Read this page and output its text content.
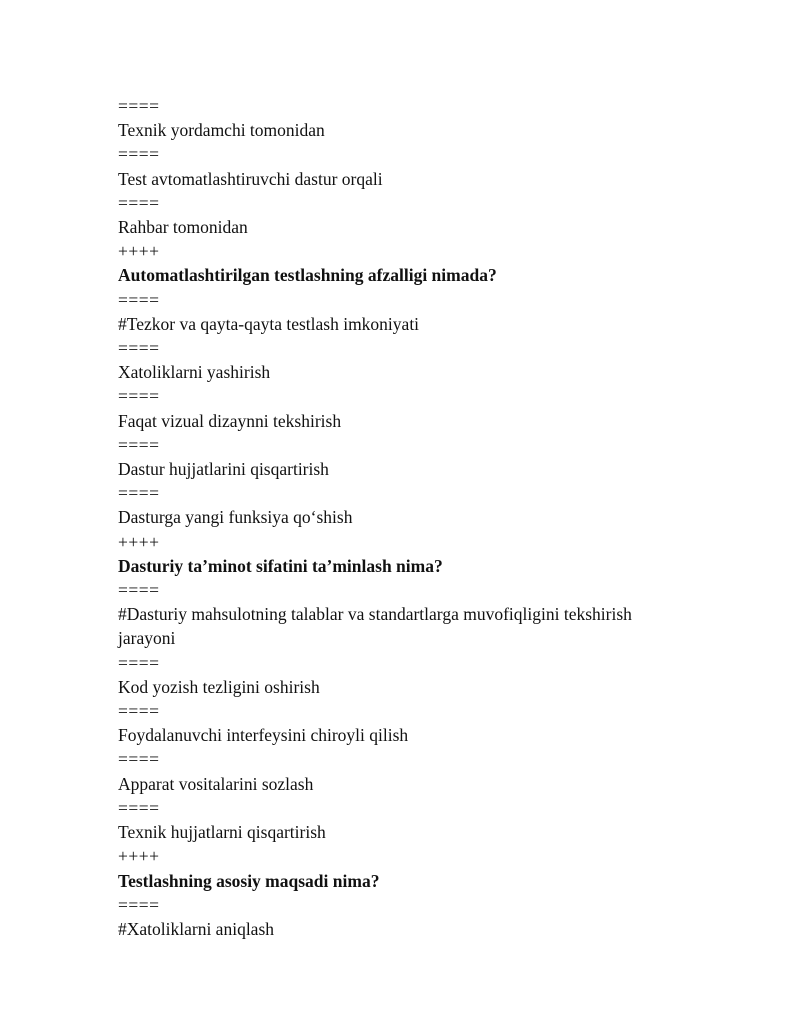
====

Texnik yordamchi tomonidan

====

Test avtomatlashtiruvchi dastur orqali

====

Rahbar tomonidan

++++

Automatlashtirilgan testlashning afzalligi nimada?

====

#Tezkor va qayta-qayta testlash imkoniyati

====

Xatoliklarni yashirish

====

Faqat vizual dizaynni tekshirish

====

Dastur hujjatlarini qisqartirish

====

Dasturga yangi funksiya qo‘shish

++++

Dasturiy ta’minot sifatini ta’minlash nima?

====

#Dasturiy mahsulotning talablar va standartlarga muvofiqligini tekshirish

jarayoni

====

Kod yozish tezligini oshirish

====

Foydalanuvchi interfeysini chiroyli qilish

====

Apparat vositalarini sozlash

====

Texnik hujjatlarni qisqartirish

++++

Testlashning asosiy maqsadi nima?

====

#Xatoliklarni aniqlash
